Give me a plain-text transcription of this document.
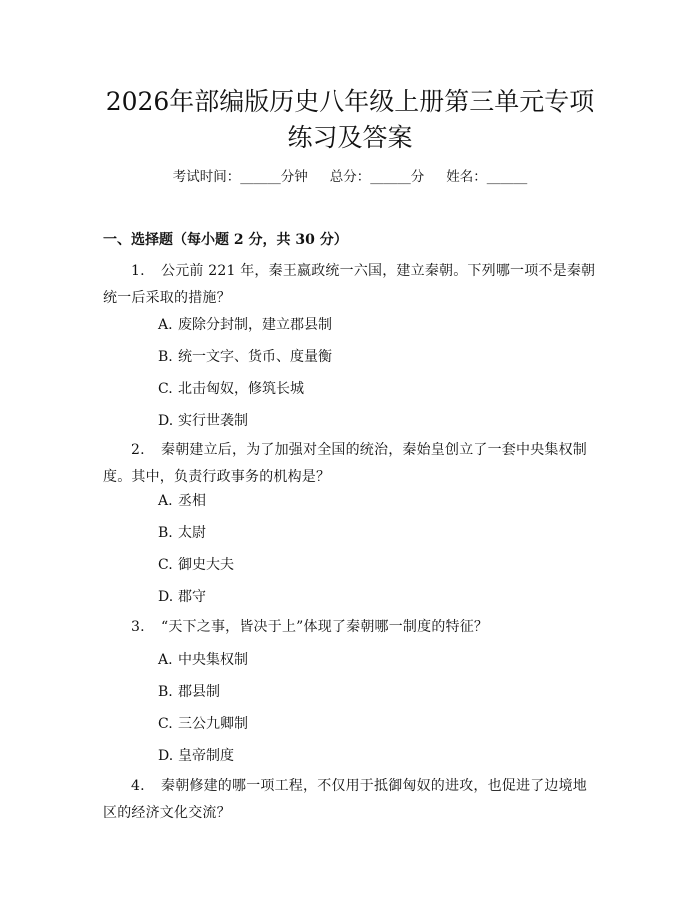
2026年部编版历史八年级上册第三单元专项
练习及答案
考试时间：______分钟 总分：______分 姓名：______
一、选择题（每小题 2 分，共 30 分）

1. 公元前 221 年，秦王嬴政统一六国，建立秦朝。下列哪一项不是秦朝统一后采取的措施？

A. 废除分封制，建立郡县制
B. 统一文字、货币、度量衡
C. 北击匈奴，修筑长城
D. 实行世袭制

2. 秦朝建立后，为了加强对全国的统治，秦始皇创立了一套中央集权制度。其中，负责行政事务的机构是？

A. 丞相
B. 太尉
C. 御史大夫
D. 郡守

3. “天下之事，皆决于上”体现了秦朝哪一制度的特征？

A. 中央集权制
B. 郡县制
C. 三公九卿制
D. 皇帝制度

4. 秦朝修建的哪一项工程，不仅用于抵御匈奴的进攻，也促进了边境地区的经济文化交流？
